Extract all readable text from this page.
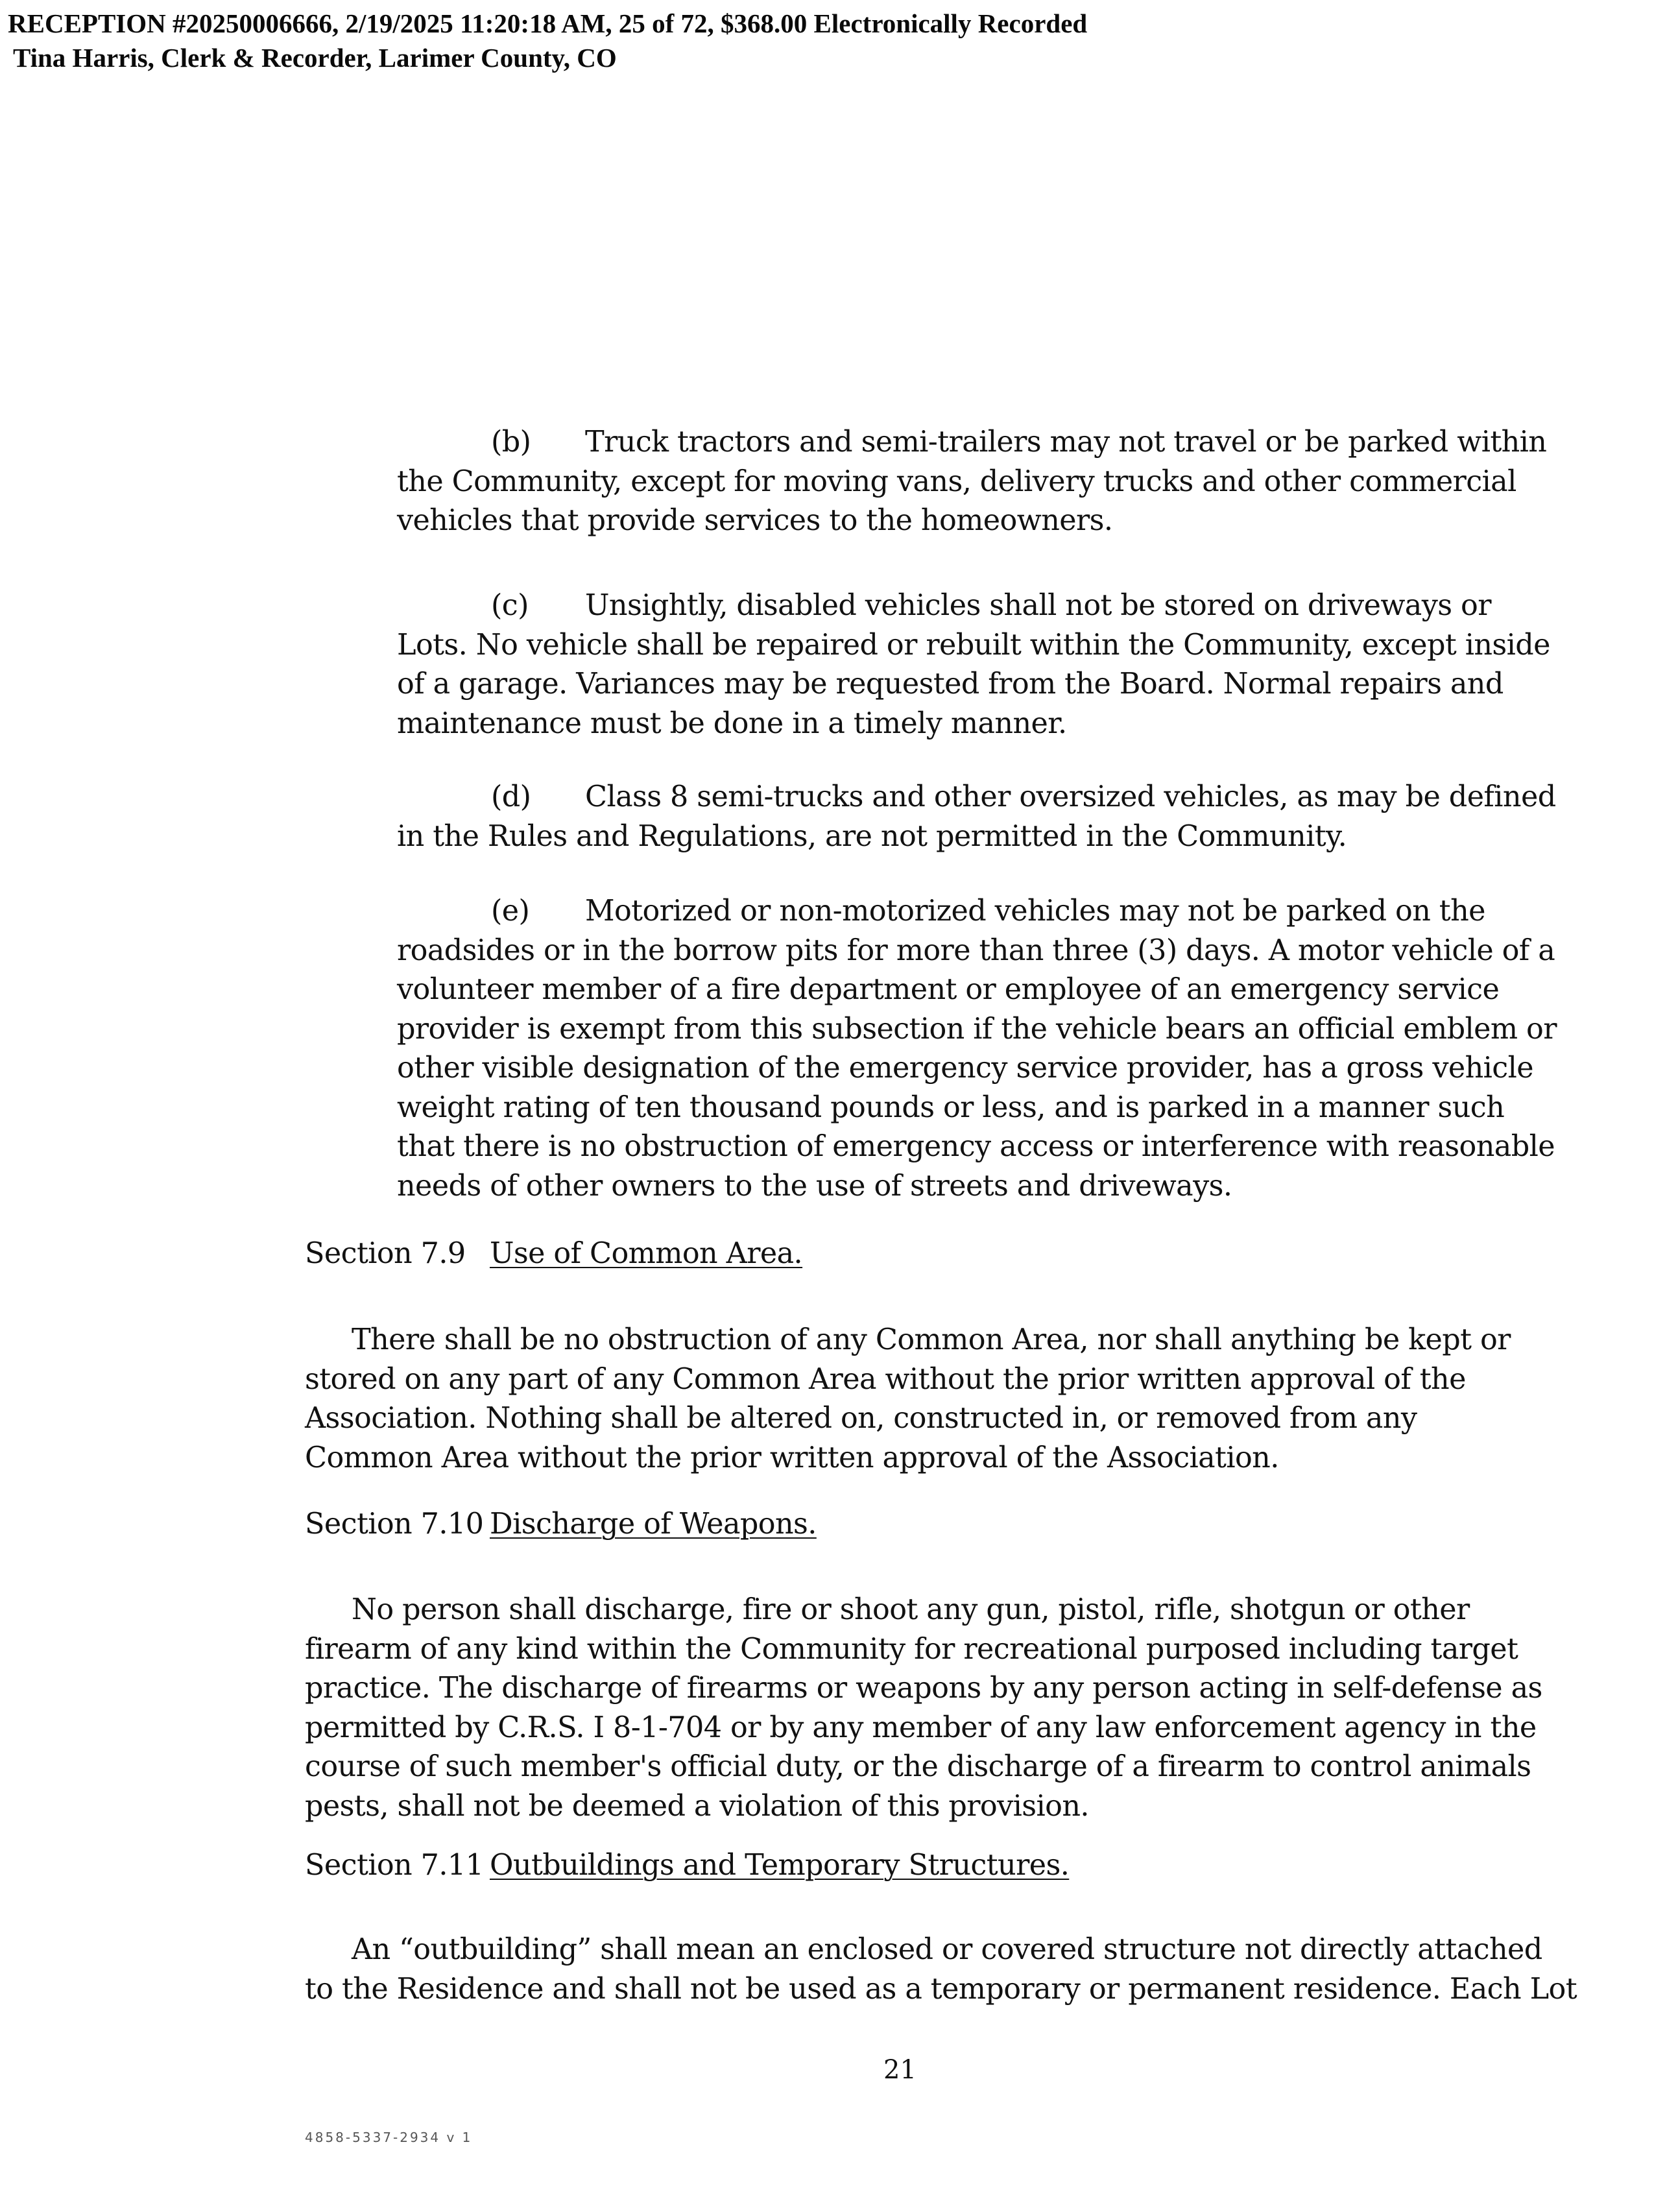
RECEPTION #20250006666, 2/19/2025 11:20:18 AM, 25 of 72, $368.00 Electronically Recorded
Tina Harris, Clerk & Recorder, Larimer County, CO
(b) Truck tractors and semi-trailers may not travel or be parked within
the Community, except for moving vans, delivery trucks and other commercial
vehicles that provide services to the homeowners.
(c) Unsightly, disabled vehicles shall not be stored on driveways or
Lots. No vehicle shall be repaired or rebuilt within the Community, except inside
of a garage. Variances may be requested from the Board. Normal repairs and
maintenance must be done in a timely manner.
(d) Class 8 semi-trucks and other oversized vehicles, as may be defined
in the Rules and Regulations, are not permitted in the Community.
(e) Motorized or non-motorized vehicles may not be parked on the
roadsides or in the borrow pits for more than three (3) days. A motor vehicle of a
volunteer member of a fire department or employee of an emergency service
provider is exempt from this subsection if the vehicle bears an official emblem or
other visible designation of the emergency service provider, has a gross vehicle
weight rating of ten thousand pounds or less, and is parked in a manner such
that there is no obstruction of emergency access or interference with reasonable
needs of other owners to the use of streets and driveways.
Section 7.9 Use of Common Area.
There shall be no obstruction of any Common Area, nor shall anything be kept or
stored on any part of any Common Area without the prior written approval of the
Association. Nothing shall be altered on, constructed in, or removed from any
Common Area without the prior written approval of the Association.
Section 7.10 Discharge of Weapons.
No person shall discharge, fire or shoot any gun, pistol, rifle, shotgun or other
firearm of any kind within the Community for recreational purposed including target
practice. The discharge of firearms or weapons by any person acting in self-defense as
permitted by C.R.S. I 8-1-704 or by any member of any law enforcement agency in the
course of such member's official duty, or the discharge of a firearm to control animals
pests, shall not be deemed a violation of this provision.
Section 7.11 Outbuildings and Temporary Structures.
An “outbuilding” shall mean an enclosed or covered structure not directly attached
to the Residence and shall not be used as a temporary or permanent residence. Each Lot
21
4858-5337-2934 v 1
